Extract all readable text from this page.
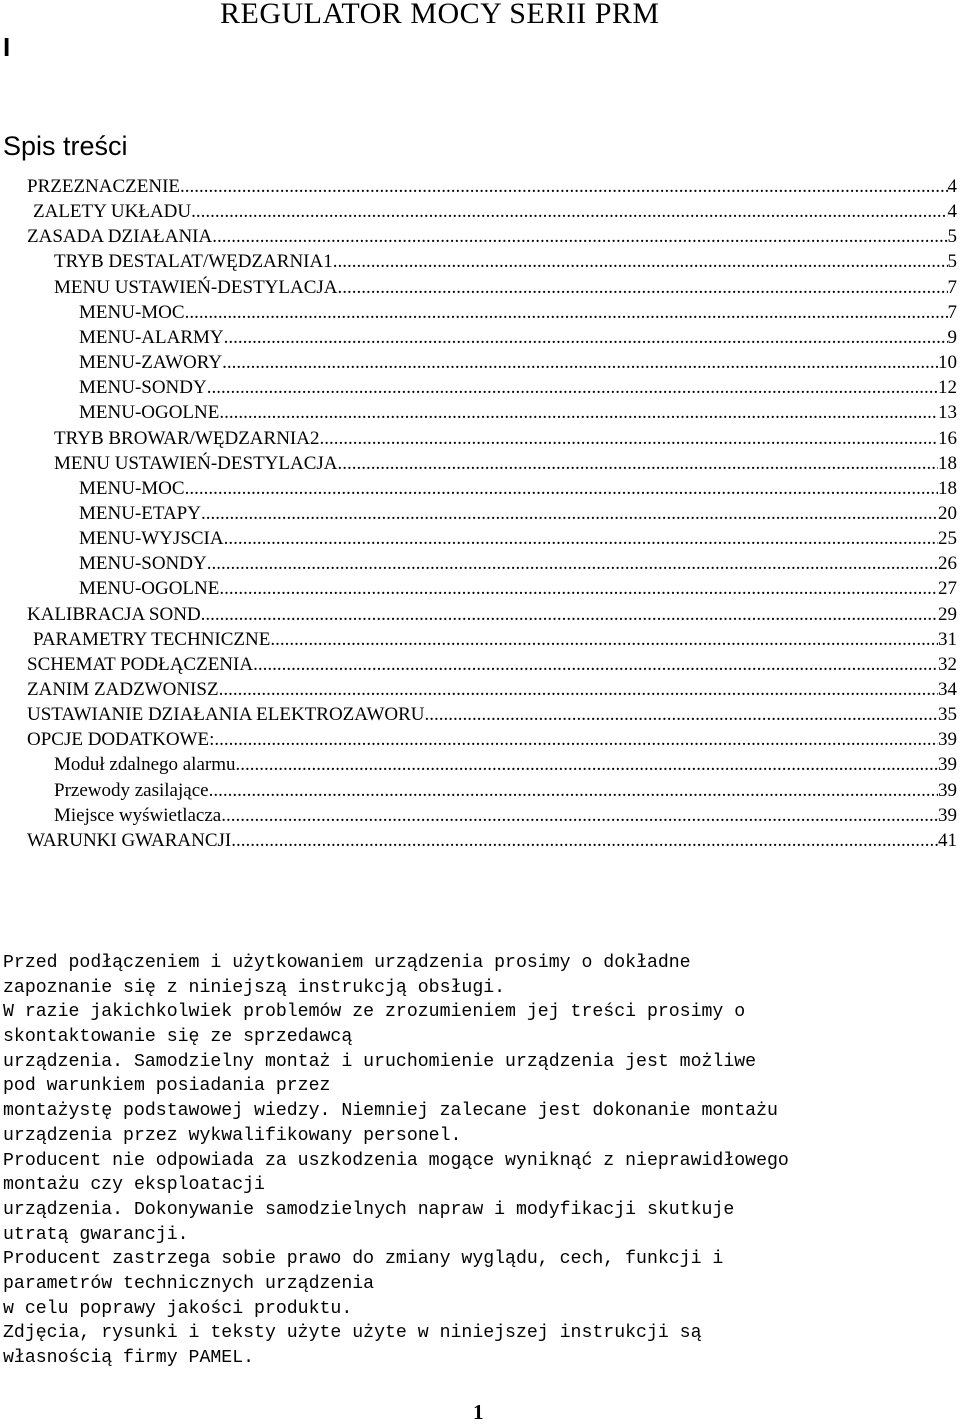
I
REGULATOR MOCY SERII PRM
Spis treści
PRZEZNACZENIE .....	4
ZALETY UKŁADU .....	4
ZASADA DZIAŁANIA .....	5
TRYB DESTALAT/WĘDZARNIA1 .....	5
MENU USTAWIEŃ-DESTYLACJA .....	7
MENU-MOC .....	7
MENU-ALARMY .....	9
MENU-ZAWORY .....	10
MENU-SONDY .....	12
MENU-OGOLNE .....	13
TRYB BROWAR/WĘDZARNIA2 .....	16
MENU USTAWIEŃ-DESTYLACJA .....	18
MENU-MOC .....	18
MENU-ETAPY .....	20
MENU-WYJSCIA .....	25
MENU-SONDY .....	26
MENU-OGOLNE .....	27
KALIBRACJA SOND .....	29
PARAMETRY TECHNICZNE .....	31
SCHEMAT PODŁĄCZENIA .....	32
ZANIM ZADZWONISZ .....	34
USTAWIANIE DZIAŁANIA ELEKTROZAWORU .....	35
OPCJE DODATKOWE: .....	39
Moduł zdalnego alarmu .....	39
Przewody zasilające .....	39
Miejsce wyświetlacza .....	39
WARUNKI GWARANCJI .....	41
Przed podłączeniem i użytkowaniem urządzenia prosimy o dokładne
zapoznanie się z niniejszą instrukcją obsługi.
W razie jakichkolwiek problemów ze zrozumieniem jej treści prosimy o
skontaktowanie się ze sprzedawcą
urządzenia. Samodzielny montaż i uruchomienie urządzenia jest możliwe
pod warunkiem posiadania przez
montażystę podstawowej wiedzy. Niemniej zalecane jest dokonanie montażu
urządzenia przez wykwalifikowany personel.
Producent nie odpowiada za uszkodzenia mogące wyniknąć z nieprawidłowego
montażu czy eksploatacji
urządzenia. Dokonywanie samodzielnych napraw i modyfikacji skutkuje
utratą gwarancji.
Producent zastrzega sobie prawo do zmiany wyglądu, cech, funkcji i
parametrów technicznych urządzenia
w celu poprawy jakości produktu.
Zdjęcia, rysunki i teksty użyte użyte w niniejszej instrukcji są
własnością firmy PAMEL.
1
